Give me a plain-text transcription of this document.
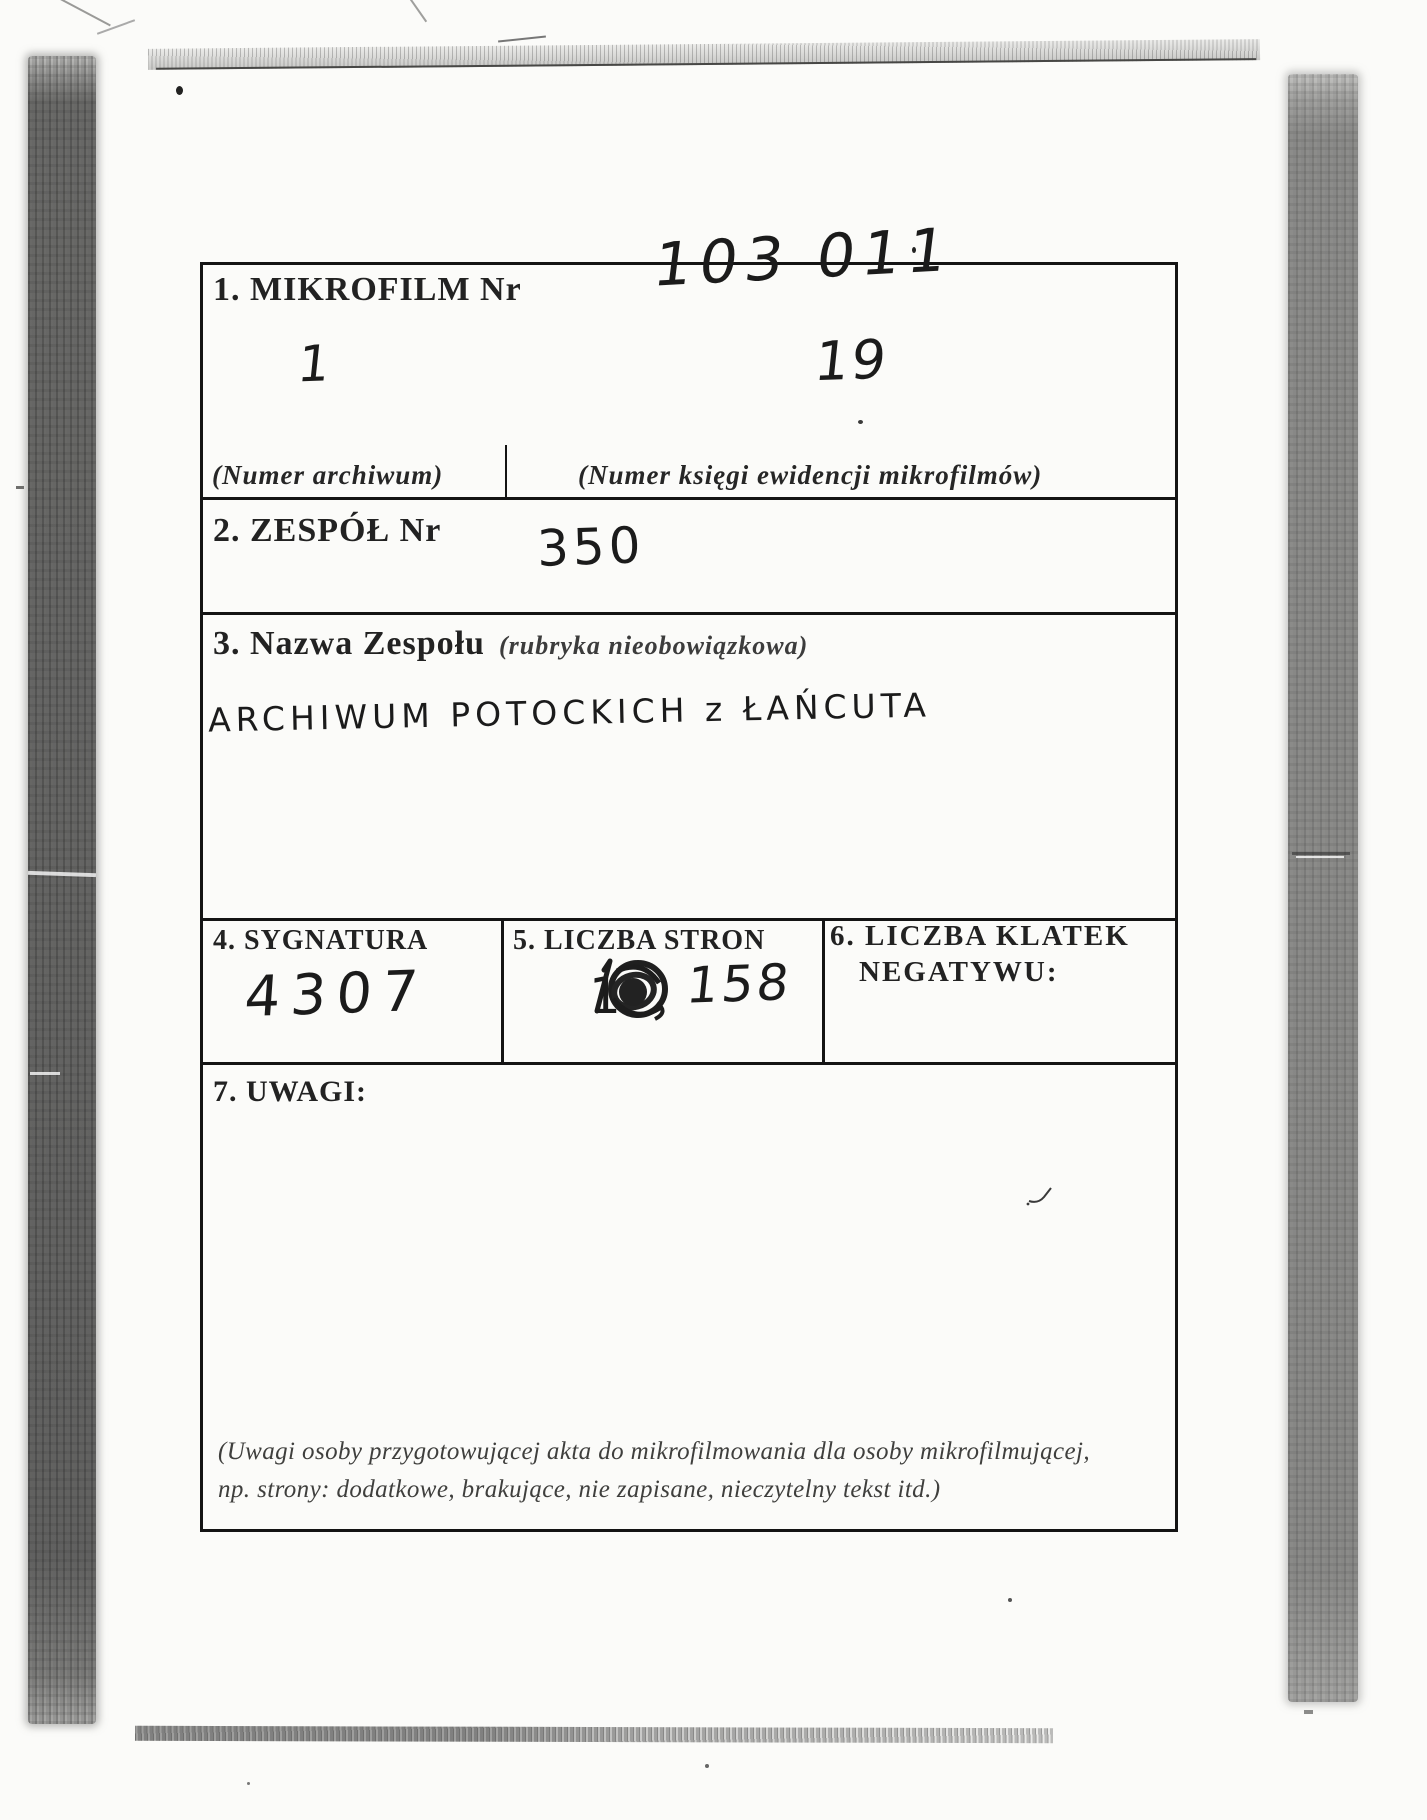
1. MIKROFILM Nr 103 011
1	19
(Numer archiwum)	(Numer księgi ewidencji mikrofilmów)
2. ZESPÓŁ Nr 350
3. Nazwa Zespołu (rubryka nieobowiązkowa)
ARCHIWUM POTOCKICH z ŁAŃCUTA
4. SYGNATURA
4307
5. LICZBA STRON
1 158
6. LICZBA KLATEK
NEGATYWU:
7. UWAGI:
(Uwagi osoby przygotowującej akta do mikrofilmowania dla osoby mikrofilmującej,
np. strony: dodatkowe, brakujące, nie zapisane, nieczytelny tekst itd.)
